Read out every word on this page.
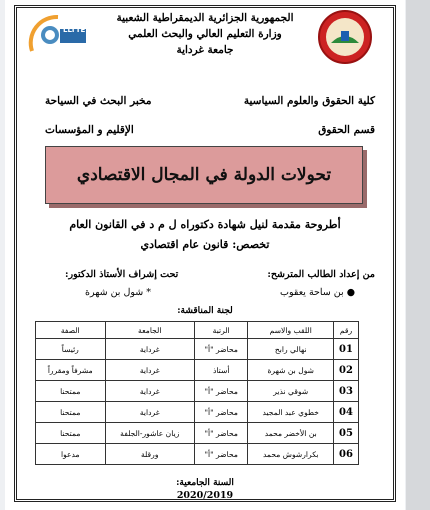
LLTTE
الجمهورية الجزائرية الديمقراطية الشعبية
وزارة التعليم العالي والبحث العلمي
جامعة غرداية
كلية الحقوق والعلوم السياسية
مخبر البحث في السياحة
قسم الحقوق
الإقليم و المؤسسات
تحولات الدولة في المجال الاقتصادي
أطروحة مقدمة لنيل شهادة دكتوراه ل م د في القانون العام
تخصص: قانون عام اقتصادي
من إعداد الطالب المترشح:
● بن ساحة يعقوب
تحت إشراف الأستاذ الدكتور:
* شول بن شهرة
لجنة المناقشة:
رقم	اللقب والاسم	الرتبة	الجامعة	الصفة
01	نهالي رابح	محاضر "أ"	غرداية	رئيساً
02	شول بن شهرة	أستاذ	غرداية	مشرفاً ومقرراً
03	شوقي نذير	محاضر "أ"	غرداية	ممتحنا
04	خطوي عبد المجيد	محاضر "أ"	غرداية	ممتحنا
05	بن الأخضر محمد	محاضر "أ"	زيان عاشور-الجلفة	ممتحنا
06	بكرارشوش محمد	محاضر "أ"	ورقلة	مدعوا
السنة الجامعية:
2020/2019
